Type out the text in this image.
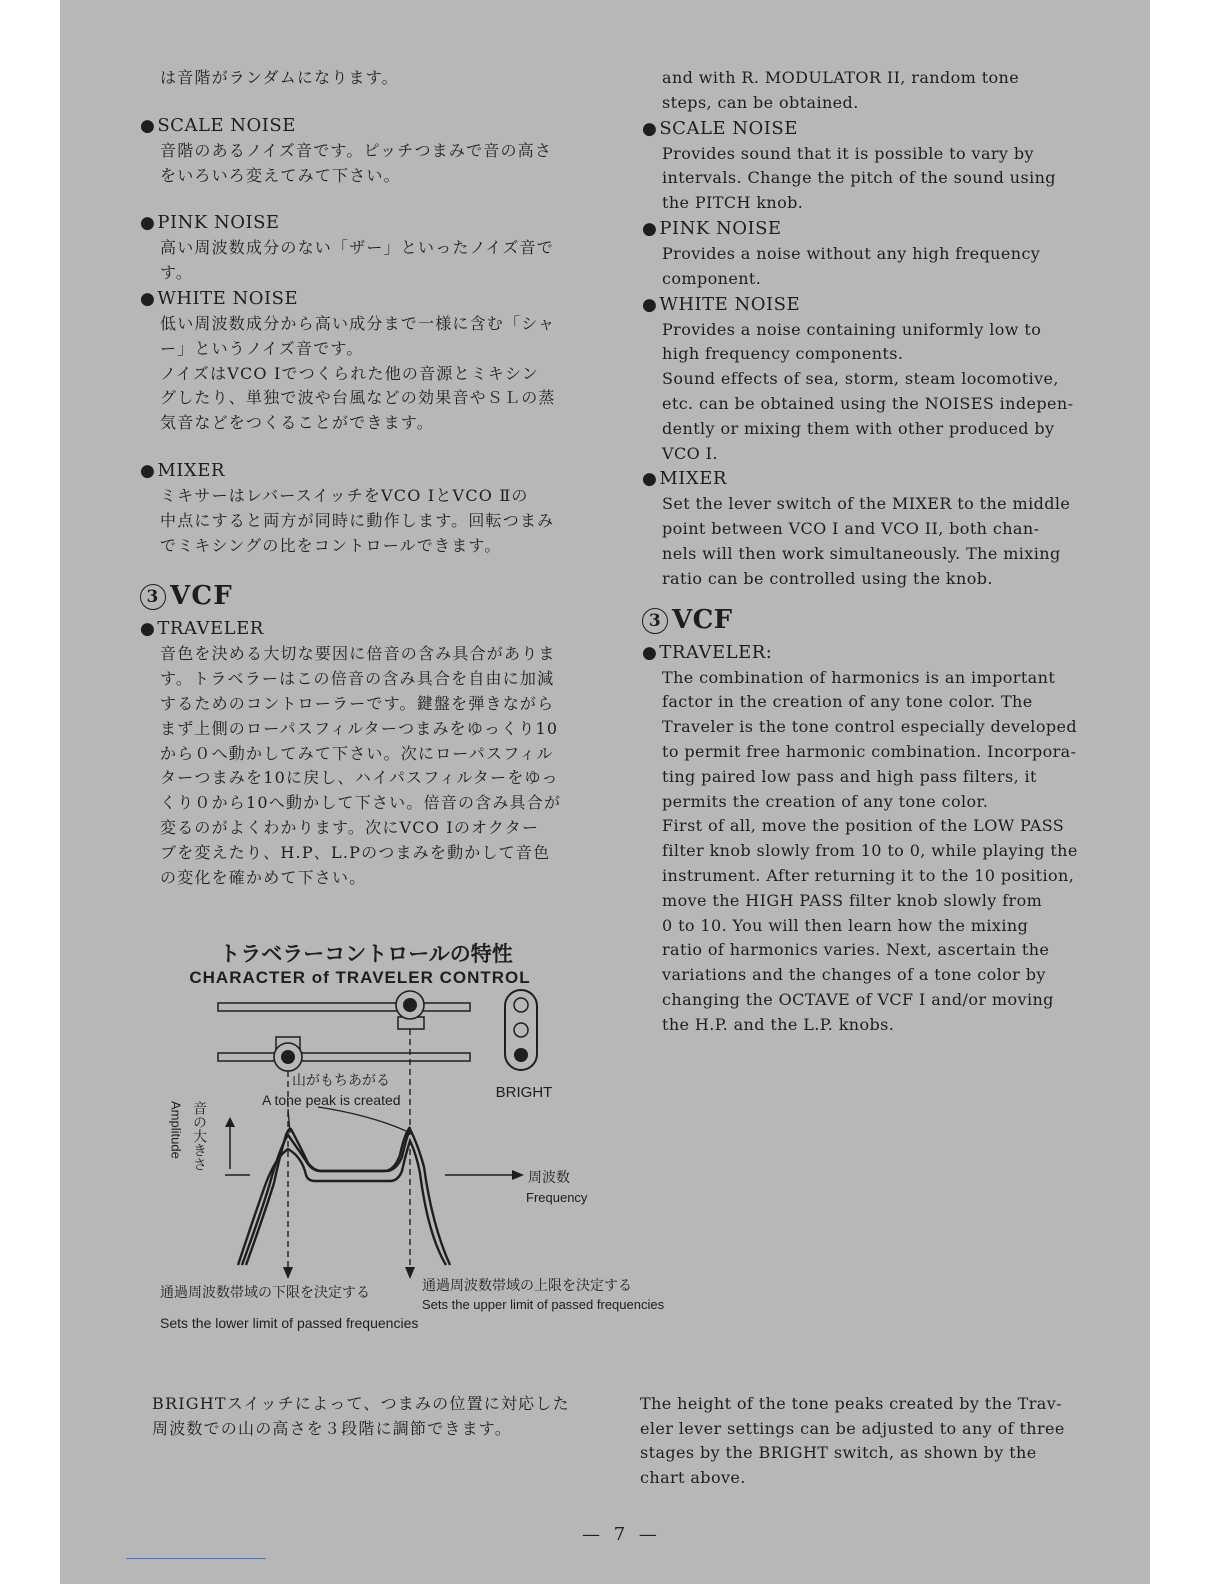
は音階がランダムになります。

● SCALE NOISE

音階のあるノイズ音です。ピッチつまみで音の高さ

をいろいろ変えてみて下さい。

● PINK NOISE

高い周波数成分のない「ザー」といったノイズ音で

す。

● WHITE NOISE

低い周波数成分から高い成分まで一様に含む「シャ

ー」というノイズ音です。

ノイズはVCO Ⅰでつくられた他の音源とミキシン

グしたり、単独で波や台風などの効果音やＳＬの蒸

気音などをつくることができます。

● MIXER

ミキサーはレバースイッチをVCO ⅠとVCO Ⅱの

中点にすると両方が同時に動作します。回転つまみ

でミキシングの比をコントロールできます。

3 VCF

● TRAVELER

音色を決める大切な要因に倍音の含み具合がありま

す。トラベラーはこの倍音の含み具合を自由に加減

するためのコントローラーです。鍵盤を弾きながら

まず上側のローパスフィルターつまみをゆっくり10

から０へ動かしてみて下さい。次にローパスフィル

ターつまみを10に戻し、ハイパスフィルターをゆっ

くり０から10へ動かして下さい。倍音の含み具合が

変るのがよくわかります。次にVCO Ⅰのオクター

ブを変えたり、H.P、L.Pのつまみを動かして音色

の変化を確かめて下さい。

and with R. MODULATOR II, random tone

steps, can be obtained.

● SCALE NOISE

Provides sound that it is possible to vary by

intervals. Change the pitch of the sound using

the PITCH knob.

● PINK NOISE

Provides a noise without any high frequency

component.

● WHITE NOISE

Provides a noise containing uniformly low to

high frequency components.

Sound effects of sea, storm, steam locomotive,

etc. can be obtained using the NOISES indepen-

dently or mixing them with other produced by

VCO I.

● MIXER

Set the lever switch of the MIXER to the middle

point between VCO I and VCO II, both chan-

nels will then work simultaneously. The mixing

ratio can be controlled using the knob.

3 VCF

● TRAVELER:

The combination of harmonics is an important

factor in the creation of any tone color. The

Traveler is the tone control especially developed

to permit free harmonic combination. Incorpora-

ting paired low pass and high pass filters, it

permits the creation of any tone color.

First of all, move the position of the LOW PASS

filter knob slowly from 10 to 0, while playing the

instrument. After returning it to the 10 position,

move the HIGH PASS filter knob slowly from

0 to 10. You will then learn how the mixing

ratio of harmonics varies. Next, ascertain the

variations and the changes of a tone color by

changing the OCTAVE of VCF I and/or moving

the H.P. and the L.P. knobs.

トラベラーコントロールの特性
CHARACTER of TRAVELER CONTROL
BRIGHT
山がもちあがる
A tone peak is created
音の大きさ
Amplitude
周波数
Frequency
通過周波数帯域の下限を決定する
Sets the lower limit of passed frequencies
通過周波数帯域の上限を決定する
Sets the upper limit of passed frequencies

BRIGHTスイッチによって、つまみの位置に対応した

周波数での山の高さを３段階に調節できます。

The height of the tone peaks created by the Trav-

eler lever settings can be adjusted to any of three

stages by the BRIGHT switch, as shown by the

chart above.

— 7 —
